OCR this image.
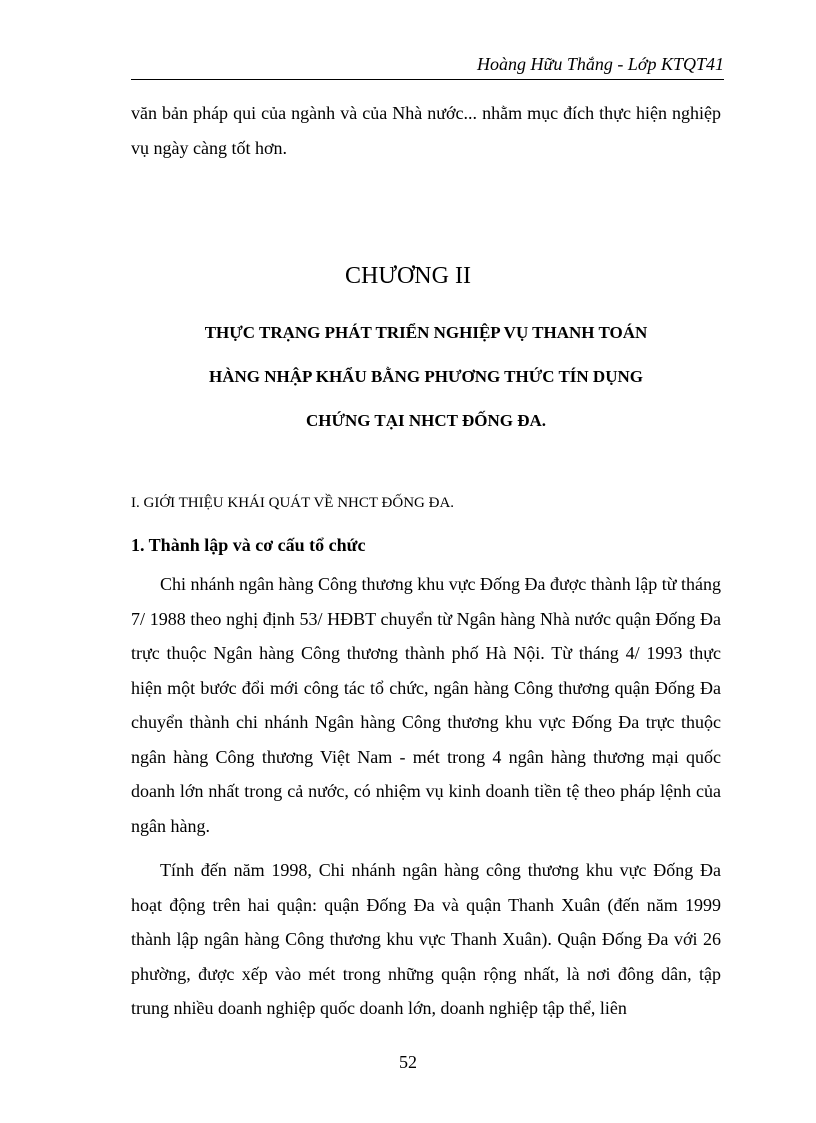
Hoàng Hữu Thắng - Lớp KTQT41

văn bản pháp qui của ngành và của Nhà nước... nhằm mục đích thực hiện nghiệp vụ ngày càng tốt hơn.

CHƯƠNG II
THỰC TRẠNG PHÁT TRIỂN NGHIỆP VỤ THANH TOÁN
HÀNG NHẬP KHẨU BẰNG PHƯƠNG THỨC TÍN DỤNG
CHỨNG TẠI NHCT ĐỐNG ĐA.
I. GIỚI THIỆU KHÁI QUÁT VỀ NHCT ĐỐNG ĐA.
1. Thành lập và cơ cấu tổ chức

Chi nhánh ngân hàng Công thương khu vực Đống Đa được thành lập từ tháng 7/ 1988 theo nghị định 53/ HĐBT chuyển từ Ngân hàng Nhà nước quận Đống Đa trực thuộc Ngân hàng Công thương thành phố Hà Nội. Từ tháng 4/ 1993 thực hiện một bước đổi mới công tác tổ chức, ngân hàng Công thương quận Đống Đa chuyển thành chi nhánh Ngân hàng Công thương khu vực Đống Đa trực thuộc ngân hàng Công thương Việt Nam - mét trong 4 ngân hàng thương mại quốc doanh lớn nhất trong cả nước, có nhiệm vụ kinh doanh tiền tệ theo pháp lệnh của ngân hàng.

Tính đến năm 1998, Chi nhánh ngân hàng công thương khu vực Đống Đa hoạt động trên hai quận: quận Đống Đa và quận Thanh Xuân (đến năm 1999 thành lập ngân hàng Công thương khu vực Thanh Xuân). Quận Đống Đa với 26 phường, được xếp vào mét trong những quận rộng nhất, là nơi đông dân, tập trung nhiều doanh nghiệp quốc doanh lớn, doanh nghiệp tập thể, liên

52
